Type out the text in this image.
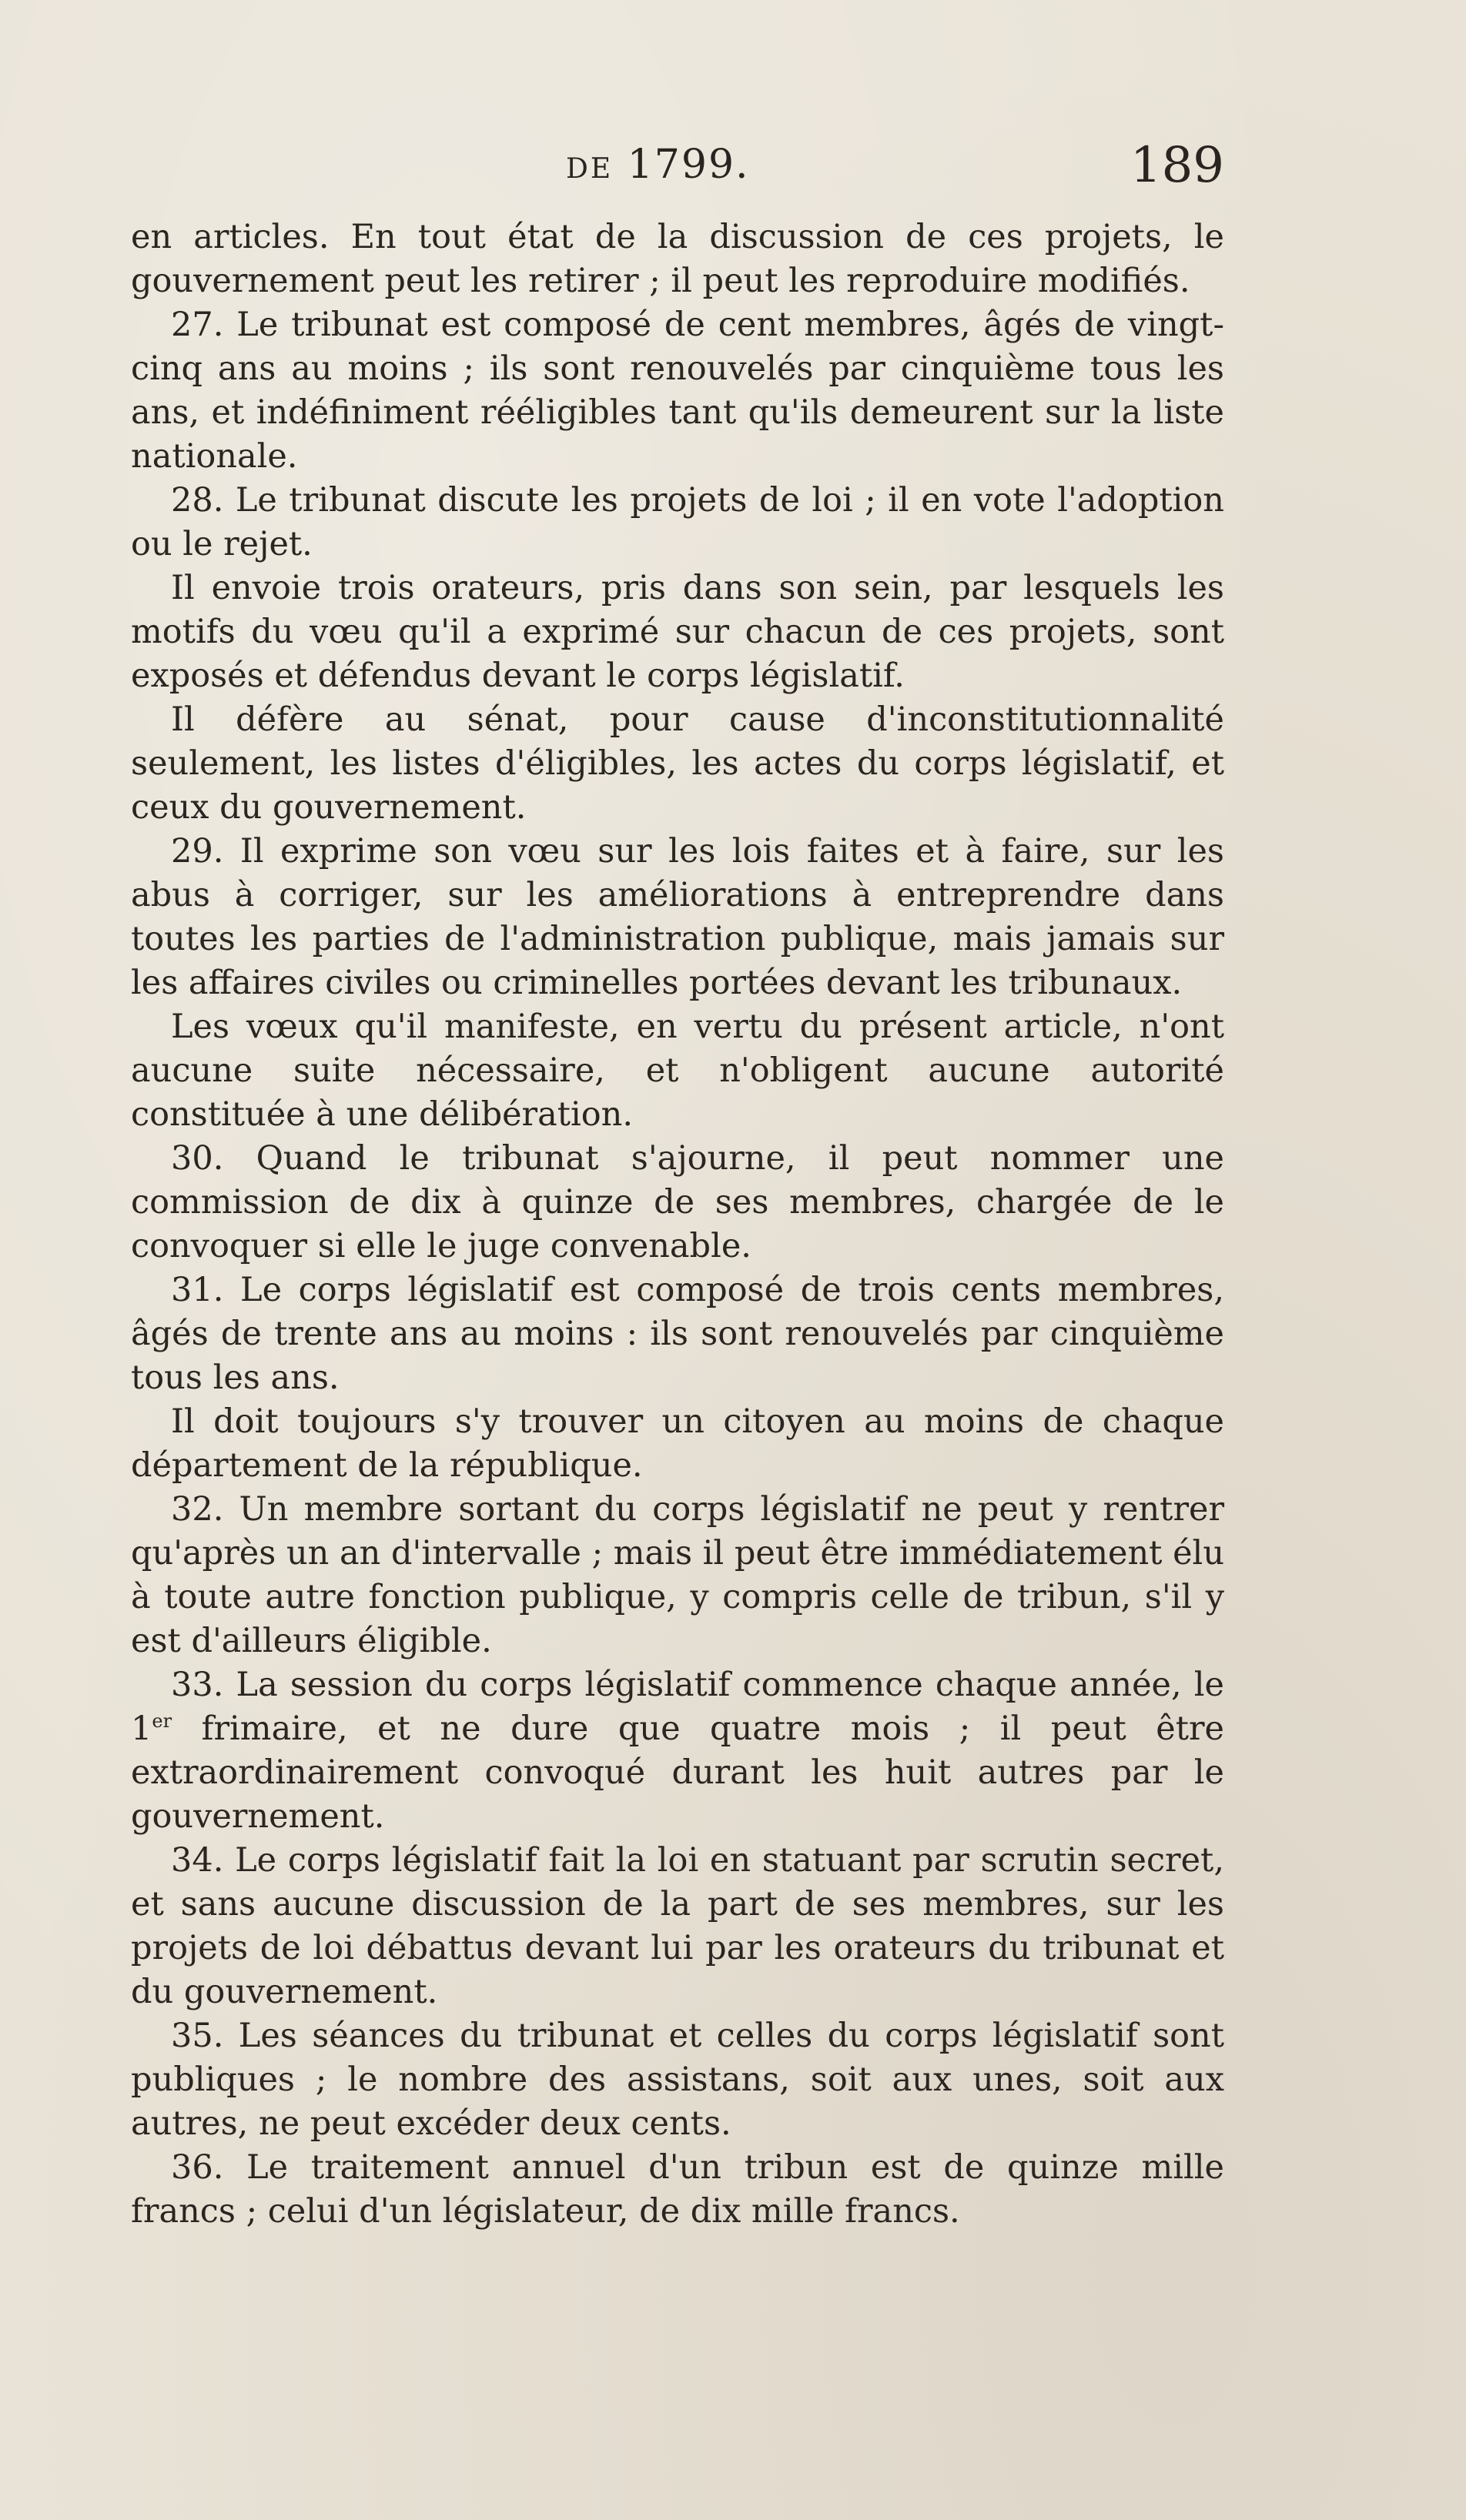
DE 1799.	189

en articles. En tout état de la discussion de ces projets, le gouvernement peut les retirer ; il peut les reproduire modifiés.

27. Le tribunat est composé de cent membres, âgés de vingt-cinq ans au moins ; ils sont renouvelés par cinquième tous les ans, et indéfiniment rééligibles tant qu'ils demeurent sur la liste nationale.

28. Le tribunat discute les projets de loi ; il en vote l'adoption ou le rejet.

Il envoie trois orateurs, pris dans son sein, par lesquels les motifs du vœu qu'il a exprimé sur chacun de ces projets, sont exposés et défendus devant le corps législatif.

Il défère au sénat, pour cause d'inconstitutionnalité seulement, les listes d'éligibles, les actes du corps législatif, et ceux du gouvernement.

29. Il exprime son vœu sur les lois faites et à faire, sur les abus à corriger, sur les améliorations à entreprendre dans toutes les parties de l'administration publique, mais jamais sur les affaires civiles ou criminelles portées devant les tribunaux.

Les vœux qu'il manifeste, en vertu du présent article, n'ont aucune suite nécessaire, et n'obligent aucune autorité constituée à une délibération.

30. Quand le tribunat s'ajourne, il peut nommer une commission de dix à quinze de ses membres, chargée de le convoquer si elle le juge convenable.

31. Le corps législatif est composé de trois cents membres, âgés de trente ans au moins : ils sont renouvelés par cinquième tous les ans.

Il doit toujours s'y trouver un citoyen au moins de chaque département de la république.

32. Un membre sortant du corps législatif ne peut y rentrer qu'après un an d'intervalle ; mais il peut être immédiatement élu à toute autre fonction publique, y compris celle de tribun, s'il y est d'ailleurs éligible.

33. La session du corps législatif commence chaque année, le 1er frimaire, et ne dure que quatre mois ; il peut être extraordinairement convoqué durant les huit autres par le gouvernement.

34. Le corps législatif fait la loi en statuant par scrutin secret, et sans aucune discussion de la part de ses membres, sur les projets de loi débattus devant lui par les orateurs du tribunat et du gouvernement.

35. Les séances du tribunat et celles du corps législatif sont publiques ; le nombre des assistans, soit aux unes, soit aux autres, ne peut excéder deux cents.

36. Le traitement annuel d'un tribun est de quinze mille francs ; celui d'un législateur, de dix mille francs.
